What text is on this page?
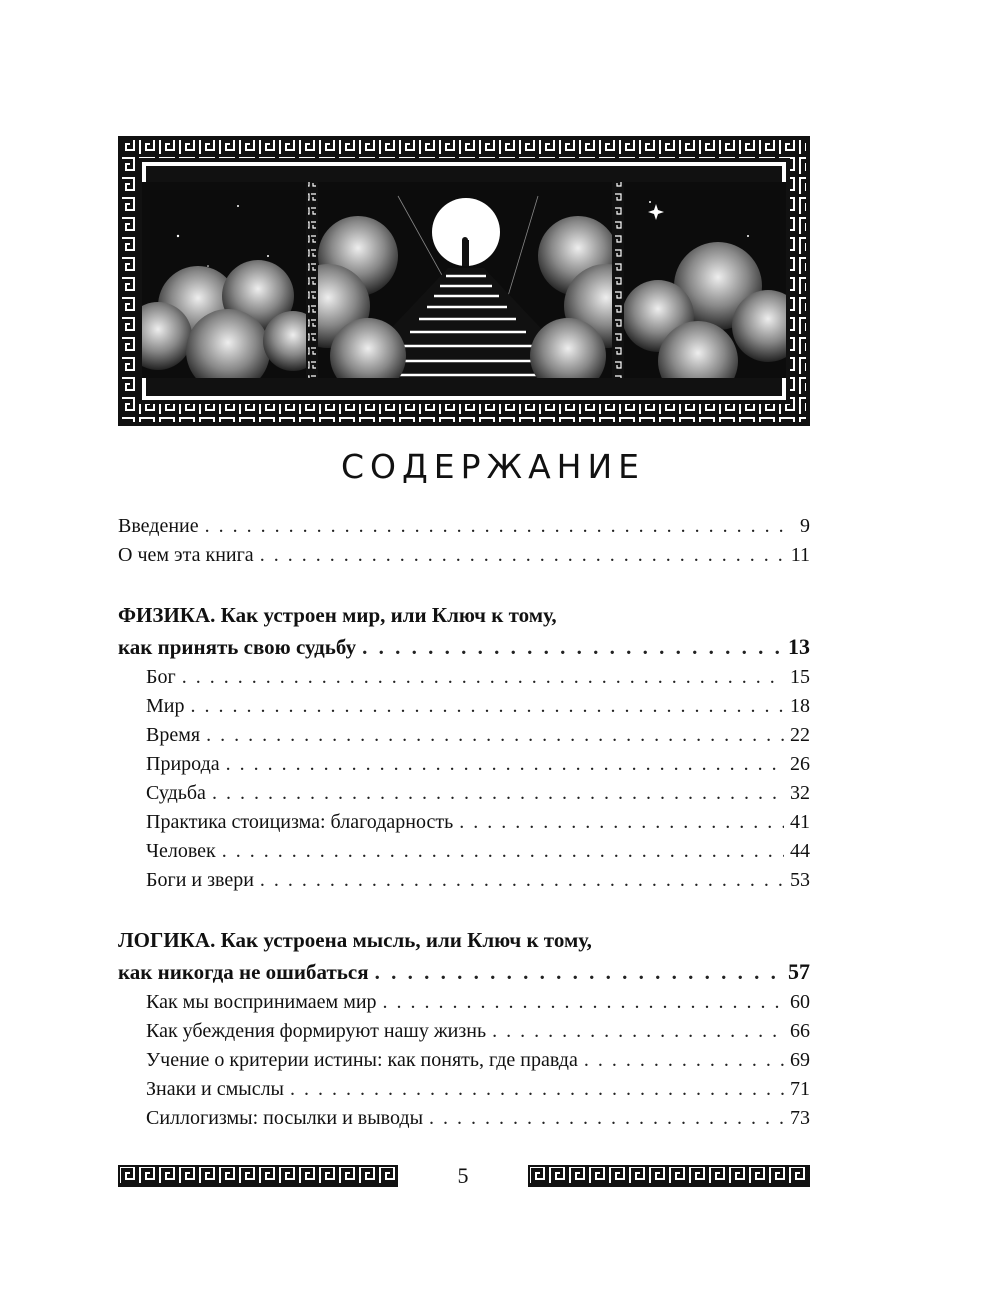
СОДЕРЖАНИЕ
Введение . . .	9
О чем эта книга . . .	11
ФИЗИКА. Как устроен мир, или Ключ к тому,
как принять свою судьбу . . .	13
Бог . . .	15
Мир . . .	18
Время . . .	22
Природа . . .	26
Судьба . . .	32
Практика стоицизма: благодарность . . .	41
Человек . . .	44
Боги и звери . . .	53
ЛОГИКА. Как устроена мысль, или Ключ к тому,
как никогда не ошибаться . . .	57
Как мы воспринимаем мир . . .	60
Как убеждения формируют нашу жизнь . . .	66
Учение о критерии истины: как понять, где правда . . .	69
Знаки и смыслы . . .	71
Силлогизмы: посылки и выводы . . .	73
5
